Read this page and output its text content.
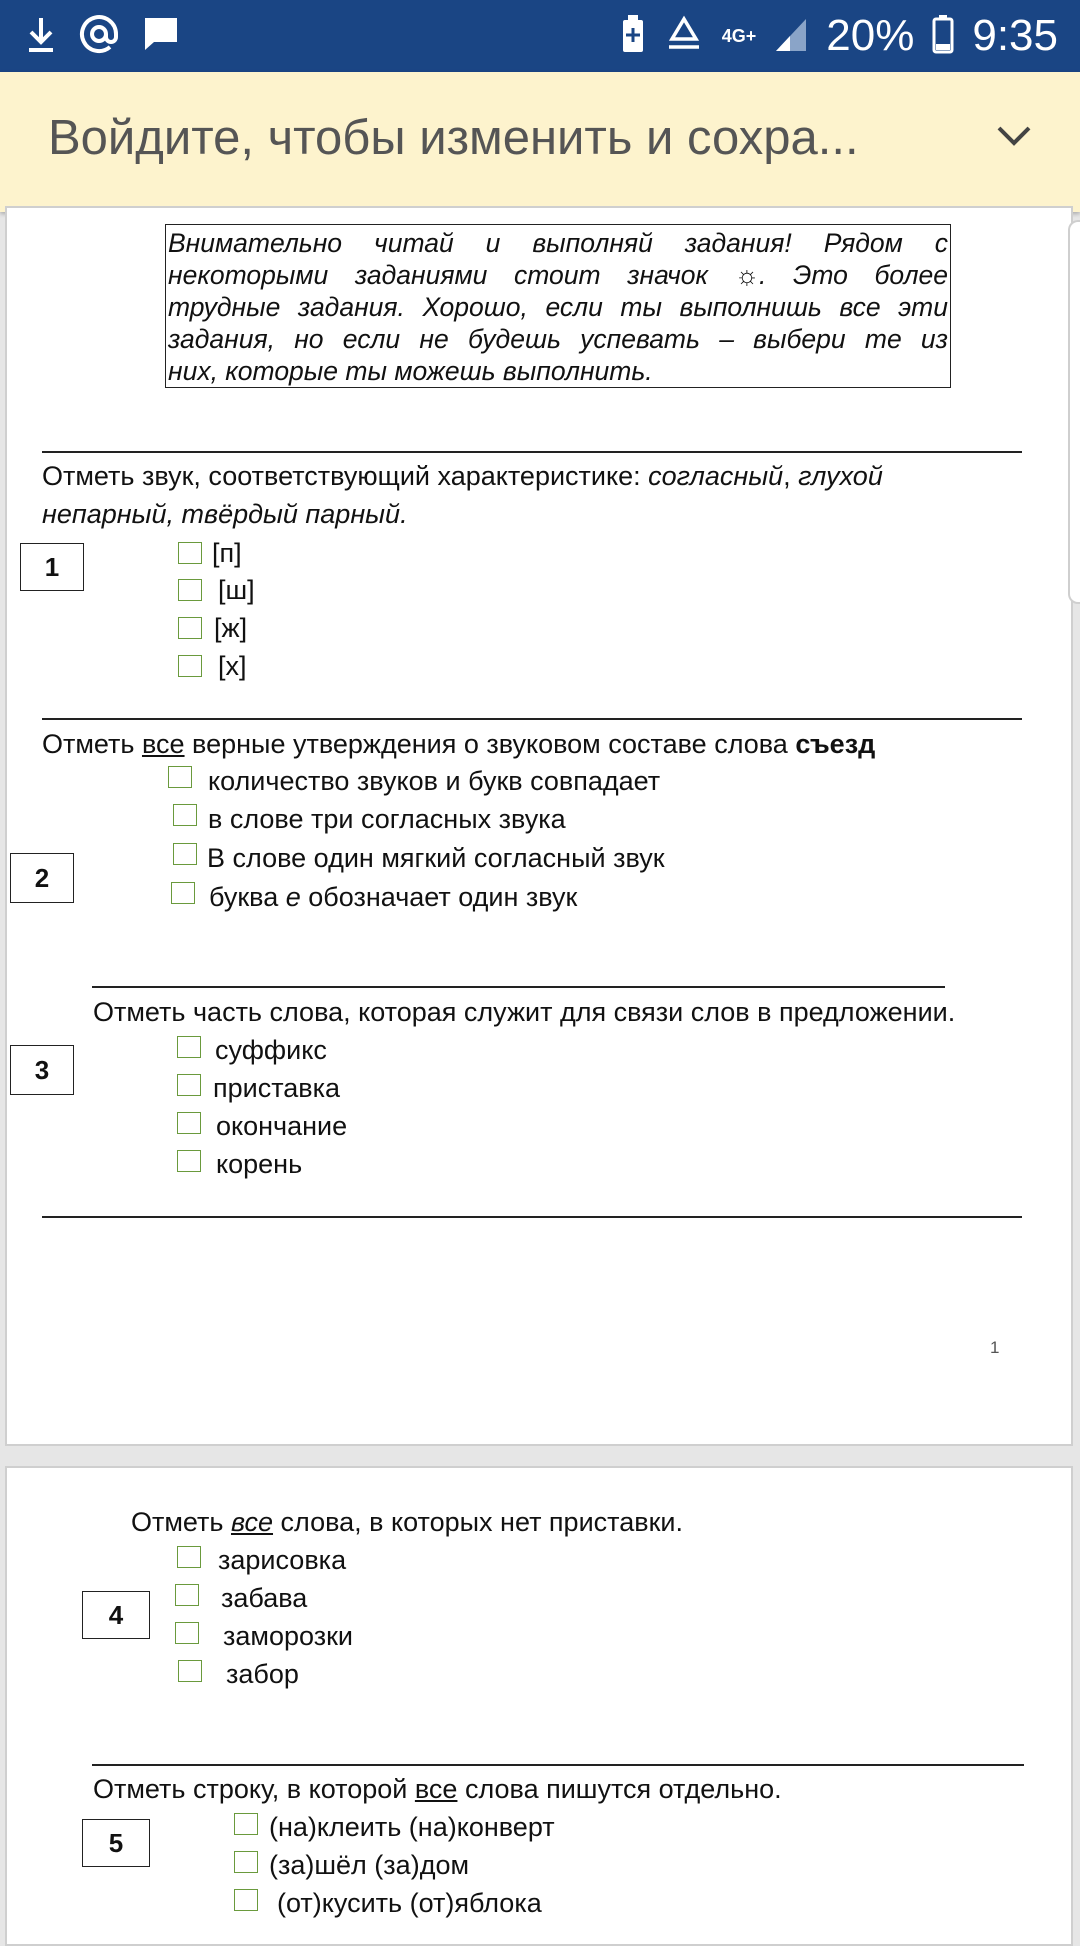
4G+ 20% 9:35
Войдите, чтобы изменить и сохра...
Внимательно читай и выполняй задания! Рядом с
некоторыми заданиями стоит значок ☼. Это более
трудные задания. Хорошо, если ты выполнишь все эти
задания, но если не будешь успевать – выбери те из
них, которые ты можешь выполнить.
Отметь звук, соответствующий характеристике: согласный, глухой
непарный, твёрдый парный.
1	[п]
[ш]
[ж]
[х]
Отметь все верные утверждения о звуковом составе слова съезд
2
количество звуков и букв совпадает
в слове три согласных звука
В слове один мягкий согласный звук
буква е обозначает один звук
Отметь часть слова, которая служит для связи слов в предложении.
3
суффикс
приставка
окончание
корень
1
Отметь все слова, в которых нет приставки.
4
зарисовка
забава
заморозки
забор
Отметь строку, в которой все слова пишутся отдельно.
5
(на)клеить (на)конверт
(за)шёл (за)дом
(от)кусить (от)яблока
